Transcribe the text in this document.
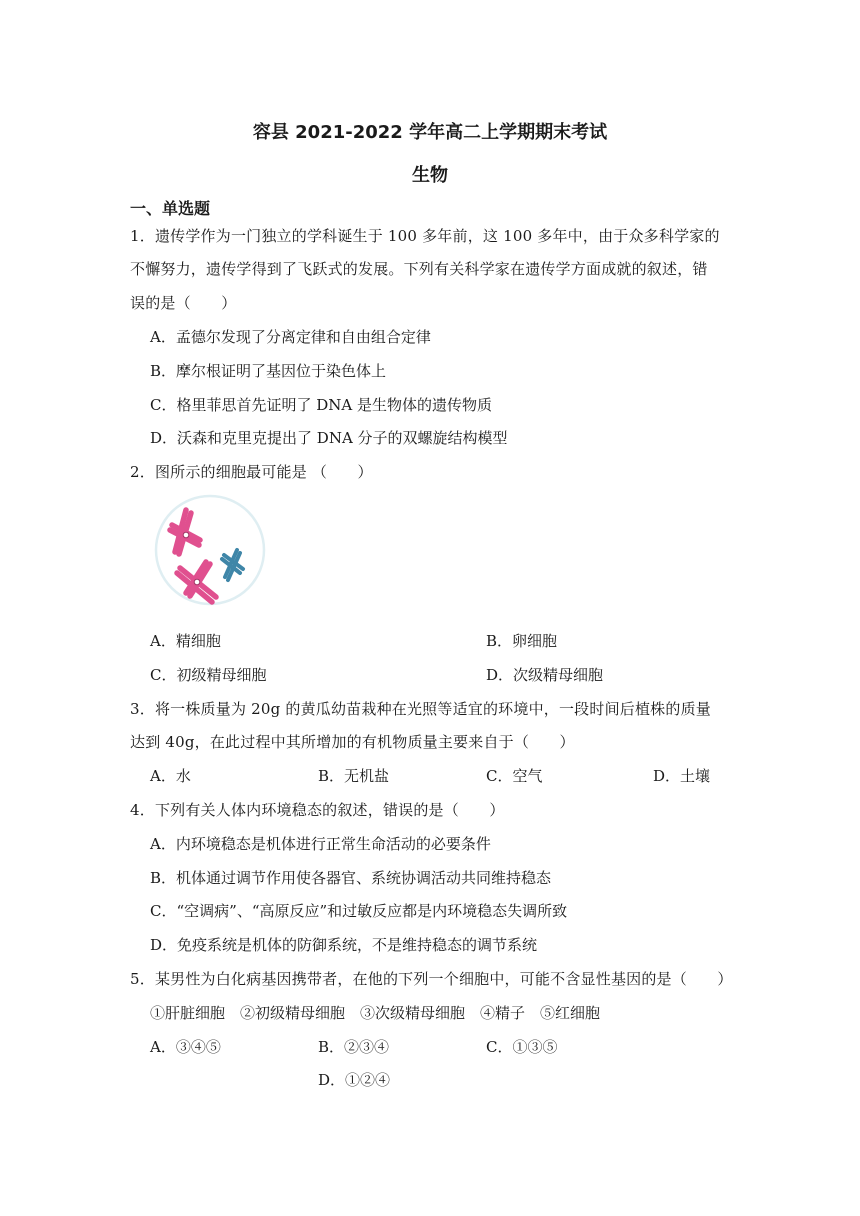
容县 2021-2022 学年高二上学期期末考试
生物
一、单选题
1．遗传学作为一门独立的学科诞生于 100 多年前，这 100 多年中，由于众多科学家的
不懈努力，遗传学得到了飞跃式的发展。下列有关科学家在遗传学方面成就的叙述，错
误的是（　　）
A．孟德尔发现了分离定律和自由组合定律
B．摩尔根证明了基因位于染色体上
C．格里菲思首先证明了 DNA 是生物体的遗传物质
D．沃森和克里克提出了 DNA 分子的双螺旋结构模型
2．图所示的细胞最可能是 （　　）
A．精细胞	B．卵细胞
C．初级精母细胞	D．次级精母细胞
3．将一株质量为 20g 的黄瓜幼苗栽种在光照等适宜的环境中，一段时间后植株的质量
达到 40g，在此过程中其所增加的有机物质量主要来自于（　　）
A．水	B．无机盐	C．空气	D．土壤
4．下列有关人体内环境稳态的叙述，错误的是（　　）
A．内环境稳态是机体进行正常生命活动的必要条件
B．机体通过调节作用使各器官、系统协调活动共同维持稳态
C．“空调病”、“高原反应”和过敏反应都是内环境稳态失调所致
D．免疫系统是机体的防御系统，不是维持稳态的调节系统
5．某男性为白化病基因携带者，在他的下列一个细胞中，可能不含显性基因的是（　　）
①肝脏细胞　②初级精母细胞　③次级精母细胞　④精子　⑤红细胞
A．③④⑤	B．②③④	C．①③⑤
D．①②④
